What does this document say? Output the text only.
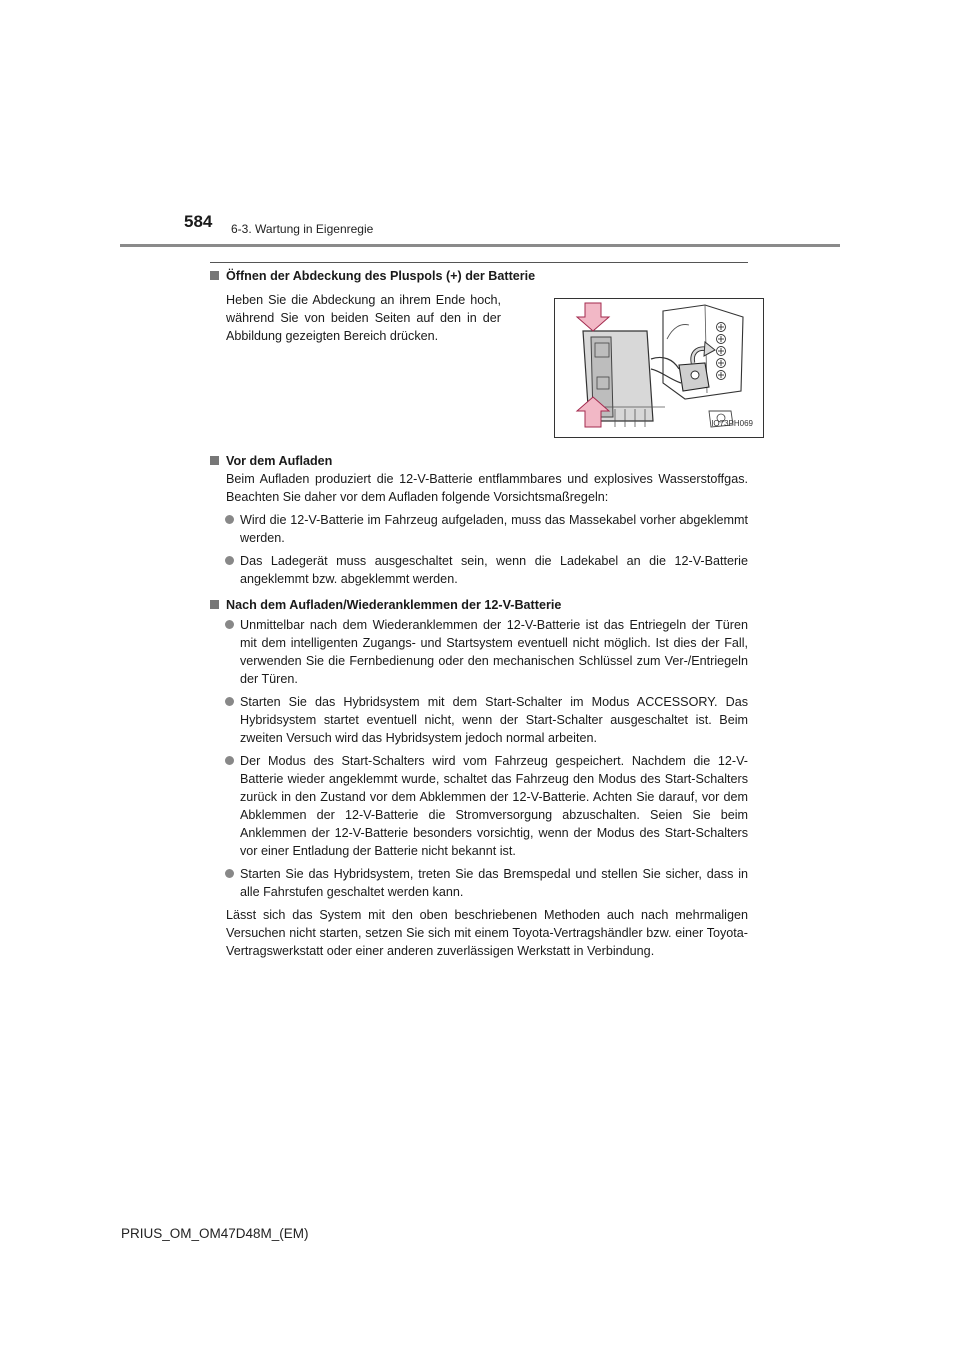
584 6-3. Wartung in Eigenregie
Öffnen der Abdeckung des Pluspols (+) der Batterie
Heben Sie die Abdeckung an ihrem Ende hoch, während Sie von beiden Seiten auf den in der Abbildung gezeigten Bereich drücken.
IO73PH069
Vor dem Aufladen
Beim Aufladen produziert die 12-V-Batterie entflammbares und explosives Wasserstoffgas. Beachten Sie daher vor dem Aufladen folgende Vorsichtsmaßregeln:
Wird die 12-V-Batterie im Fahrzeug aufgeladen, muss das Massekabel vorher abgeklemmt werden.
Das Ladegerät muss ausgeschaltet sein, wenn die Ladekabel an die 12-V-Batterie angeklemmt bzw. abgeklemmt werden.
Nach dem Aufladen/Wiederanklemmen der 12-V-Batterie
Unmittelbar nach dem Wiederanklemmen der 12-V-Batterie ist das Entriegeln der Türen mit dem intelligenten Zugangs- und Startsystem eventuell nicht möglich. Ist dies der Fall, verwenden Sie die Fernbedienung oder den mechanischen Schlüssel zum Ver-/Entriegeln der Türen.
Starten Sie das Hybridsystem mit dem Start-Schalter im Modus ACCESSORY. Das Hybridsystem startet eventuell nicht, wenn der Start-Schalter ausgeschaltet ist. Beim zweiten Versuch wird das Hybridsystem jedoch normal arbeiten.
Der Modus des Start-Schalters wird vom Fahrzeug gespeichert. Nachdem die 12-V-Batterie wieder angeklemmt wurde, schaltet das Fahrzeug den Modus des Start-Schalters zurück in den Zustand vor dem Abklemmen der 12-V-Batterie. Achten Sie darauf, vor dem Abklemmen der 12-V-Batterie die Stromversorgung abzuschalten. Seien Sie beim Anklemmen der 12-V-Batterie besonders vorsichtig, wenn der Modus des Start-Schalters vor einer Entladung der Batterie nicht bekannt ist.
Starten Sie das Hybridsystem, treten Sie das Bremspedal und stellen Sie sicher, dass in alle Fahrstufen geschaltet werden kann.
Lässt sich das System mit den oben beschriebenen Methoden auch nach mehrmaligen Versuchen nicht starten, setzen Sie sich mit einem Toyota-Vertragshändler bzw. einer Toyota-Vertragswerkstatt oder einer anderen zuverlässigen Werkstatt in Verbindung.
PRIUS_OM_OM47D48M_(EM)
